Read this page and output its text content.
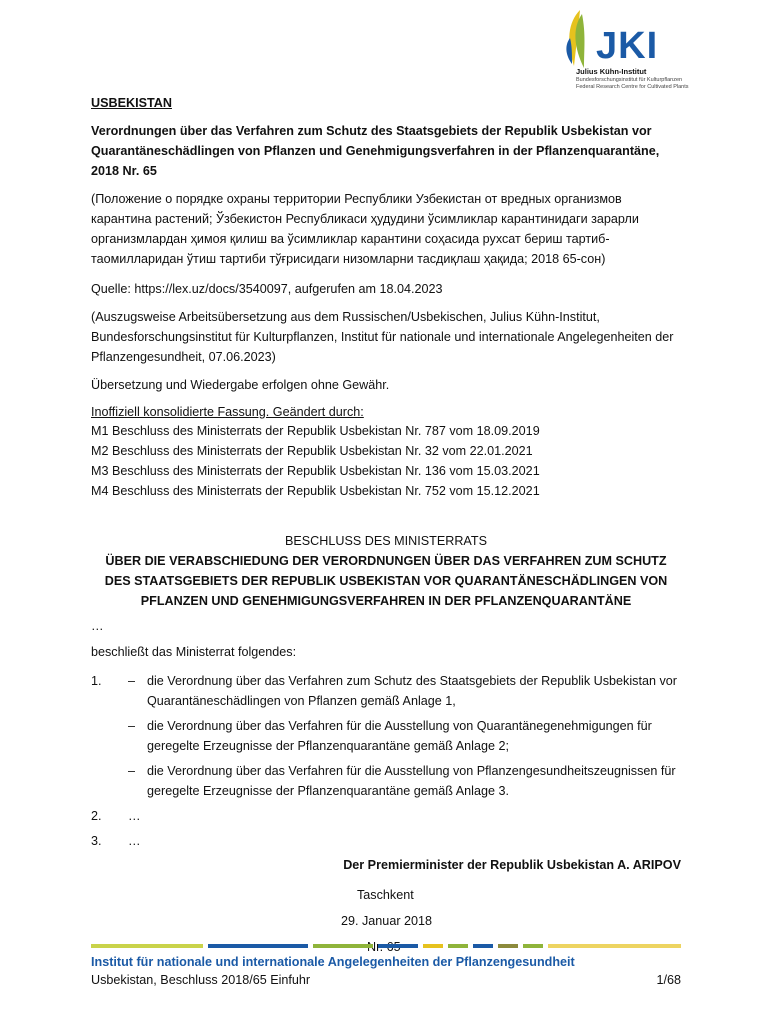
JKI
Julius Kühn-Institut
Bundesforschungsinstitut für Kulturpflanzen
Federal Research Centre for Cultivated Plants
USBEKISTAN

Verordnungen über das Verfahren zum Schutz des Staatsgebiets der Republik Usbekistan vor Quarantäneschädlingen von Pflanzen und Genehmigungsverfahren in der Pflanzenquarantäne, 2018 Nr. 65

(Положение о порядке охраны территории Республики Узбекистан от вредных организмов карантина растений; Ўзбекистон Республикаси ҳудудини ўсимликлар карантинидаги зарарли организмлардан ҳимоя қилиш ва ўсимликлар карантини соҳасида рухсат бериш тартиб-таомилларидан ўтиш тартиби тўғрисидаги низомларни тасдиқлаш ҳақида; 2018 65-сон)

Quelle: https://lex.uz/docs/3540097, aufgerufen am 18.04.2023

(Auszugsweise Arbeitsübersetzung aus dem Russischen/Usbekischen, Julius Kühn-Institut, Bundesforschungsinstitut für Kulturpflanzen, Institut für nationale und internationale Angelegenheiten der Pflanzengesundheit, 07.06.2023)

Übersetzung und Wiedergabe erfolgen ohne Gewähr.

Inoffiziell konsolidierte Fassung. Geändert durch:
M1 Beschluss des Ministerrats der Republik Usbekistan Nr. 787 vom 18.09.2019
M2 Beschluss des Ministerrats der Republik Usbekistan Nr. 32 vom 22.01.2021
M3 Beschluss des Ministerrats der Republik Usbekistan Nr. 136 vom 15.03.2021
M4 Beschluss des Ministerrats der Republik Usbekistan Nr. 752 vom 15.12.2021
BESCHLUSS DES MINISTERRATS
ÜBER DIE VERABSCHIEDUNG DER VERORDNUNGEN ÜBER DAS VERFAHREN ZUM SCHUTZ DES STAATSGEBIETS DER REPUBLIK USBEKISTAN VOR QUARANTÄNESCHÄDLINGEN VON PFLANZEN UND GENEHMIGUNGSVERFAHREN IN DER PFLANZENQUARANTÄNE
…
beschließt das Ministerrat folgendes:
1.	– die Verordnung über das Verfahren zum Schutz des Staatsgebiets der Republik Usbekistan vor Quarantäneschädlingen von Pflanzen gemäß Anlage 1,
– die Verordnung über das Verfahren für die Ausstellung von Quarantänegenehmigungen für geregelte Erzeugnisse der Pflanzenquarantäne gemäß Anlage 2;
– die Verordnung über das Verfahren für die Ausstellung von Pflanzengesundheitszeugnissen für geregelte Erzeugnisse der Pflanzenquarantäne gemäß Anlage 3.
2.	…
3.	…
Der Premierminister der Republik Usbekistan A. ARIPOV
Taschkent
29. Januar 2018
Nr.
Institut für nationale und internationale Angelegenheiten der Pflanzengesundheit
Usbekistan, Beschluss 2018/65 Einfuhr	1/68
